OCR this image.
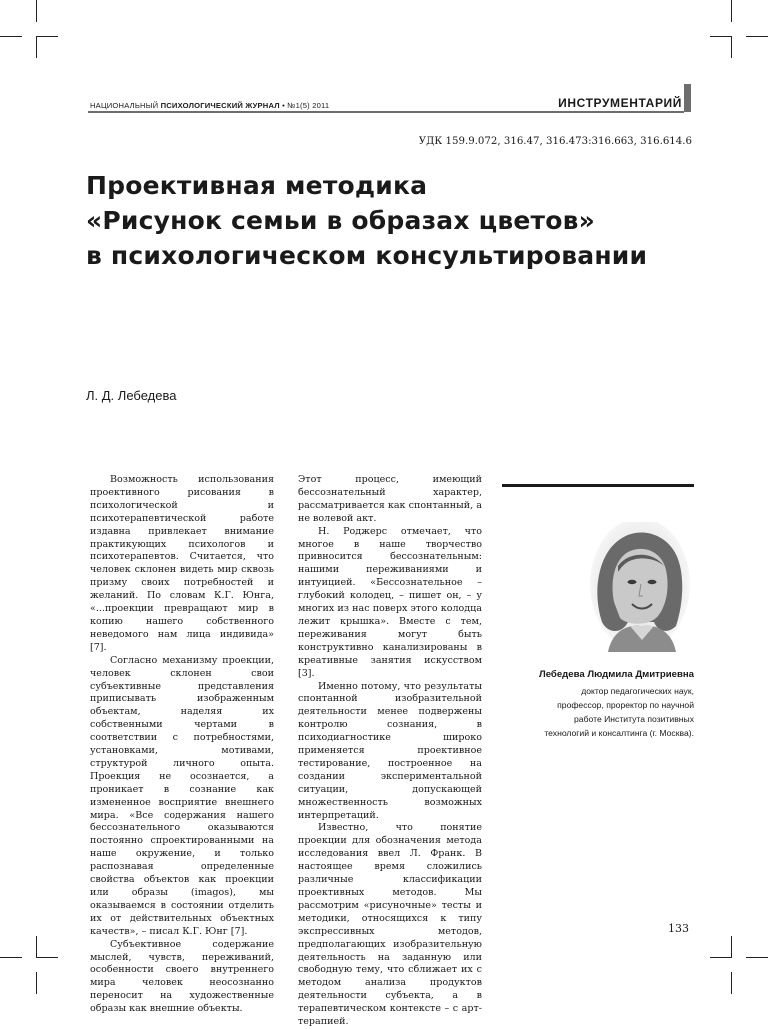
НАЦИОНАЛЬНЫЙ ПСИХОЛОГИЧЕСКИЙ ЖУРНАЛ • №1(5) 2011	ИНСТРУМЕНТАРИЙ
УДК 159.9.072, 316.47, 316.473:316.663, 316.614.6
Проективная методика
«Рисунок семьи в образах цветов»
в психологическом консультировании
Л. Д. Лебедева

Возможность использования проективного рисования в психологической и психотерапевтической работе издавна привлекает внимание практикующих психологов и психотерапевтов. Считается, что человек склонен видеть мир сквозь призму своих потребностей и желаний. По словам К.Г. Юнга, «...проекции превращают мир в копию нашего собственного неведомого нам лица индивида» [7].

Согласно механизму проекции, человек склонен свои субъективные представления приписывать изображенным объектам, наделяя их собственными чертами в соответствии с потребностями, установками, мотивами, структурой личного опыта. Проекция не осознается, а проникает в сознание как измененное восприятие внешнего мира. «Все содержания нашего бессознательного оказываются постоянно спроектированными на наше окружение, и только распознавая определенные свойства объектов как проекции или образы (imagos), мы оказываемся в состоянии отделить их от действительных объектных качеств», – писал К.Г. Юнг [7].

Субъективное содержание мыслей, чувств, переживаний, особенности своего внутреннего мира человек неосознанно переносит на художественные образы как внешние объекты.

Этот процесс, имеющий бессознательный характер, рассматривается как спонтанный, а не волевой акт.

Н. Роджерс отмечает, что многое в наше творчество привносится бессознательным: нашими переживаниями и интуицией. «Бессознательное – глубокий колодец, – пишет он, – у многих из нас поверх этого колодца лежит крышка». Вместе с тем, переживания могут быть конструктивно канализированы в креативные занятия искусством [3].

Именно потому, что результаты спонтанной изобразительной деятельности менее подвержены контролю сознания, в психодиагностике широко применяется проективное тестирование, построенное на создании экспериментальной ситуации, допускающей множественность возможных интерпретаций.

Известно, что понятие проекции для обозначения метода исследования ввел Л. Франк. В настоящее время сложились различные классификации проективных методов. Мы рассмотрим «рисуночные» тесты и методики, относящихся к типу экспрессивных методов, предполагающих изобразительную деятельность на заданную или свободную тему, что сближает их с методом анализа продуктов деятельности субъекта, а в терапевтическом контексте – с арт-терапией.

Лебедева Людмила Дмитриевна
доктор педагогических наук,
профессор, проректор по научной
работе Института позитивных
технологий и консалтинга (г. Москва).
133
